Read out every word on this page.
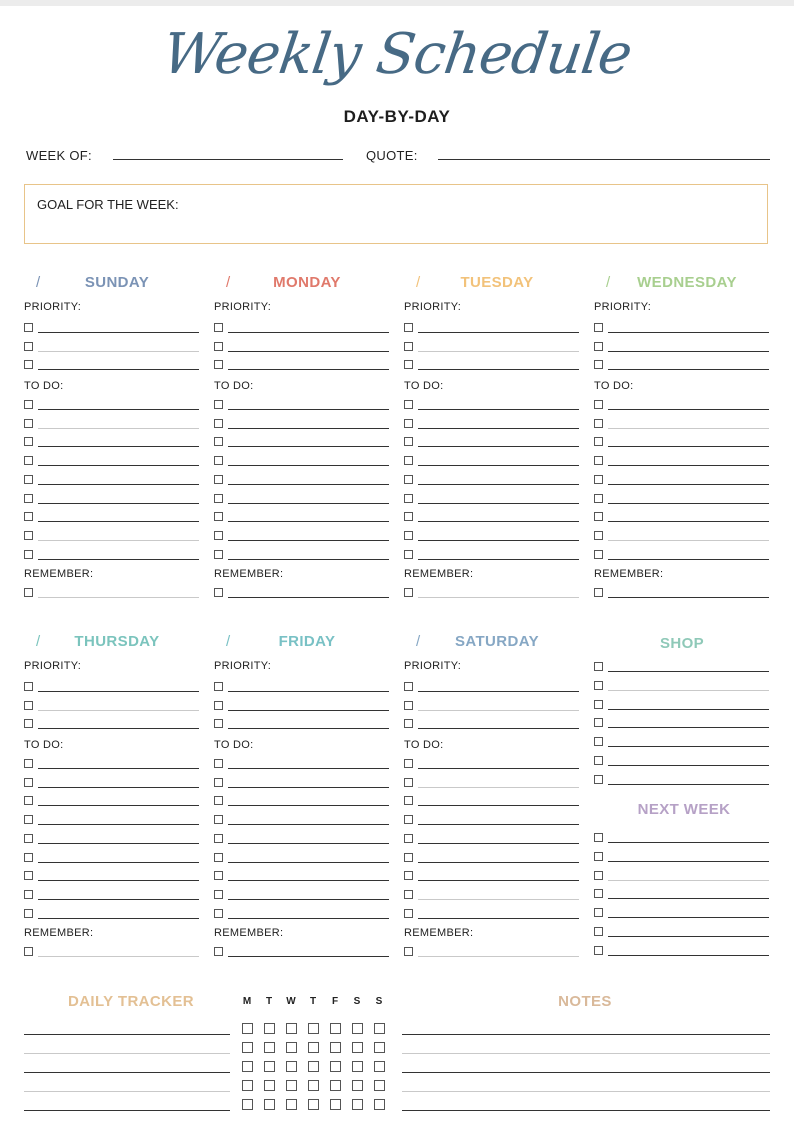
Weekly Schedule
DAY-BY-DAY
WEEK OF:	QUOTE:
GOAL FOR THE WEEK:
/	SUNDAY
PRIORITY:
TO DO:
REMEMBER:
/	MONDAY
PRIORITY:
TO DO:
REMEMBER:
/	TUESDAY
PRIORITY:
TO DO:
REMEMBER:
/	WEDNESDAY
PRIORITY:
TO DO:
REMEMBER:
/	THURSDAY
PRIORITY:
TO DO:
REMEMBER:
/	FRIDAY
PRIORITY:
TO DO:
REMEMBER:
/	SATURDAY
PRIORITY:
TO DO:
REMEMBER:
SHOP
NEXT WEEK
DAILY TRACKER	M T W T F S S	NOTES
